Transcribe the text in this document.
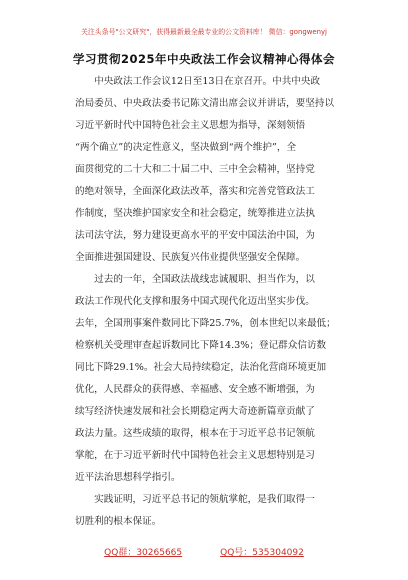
关注头条号"公文研究"，获得最新最全最专业的公文资料库！ 微信：gongwenyj
学习贯彻2025年中央政法工作会议精神心得体会
　　中央政法工作会议12日至13日在京召开。中共中央政
治局委员、中央政法委书记陈文清出席会议并讲话，要坚持以
习近平新时代中国特色社会主义思想为指导，深刻领悟
“两个确立”的决定性意义，坚决做到“两个维护”，全
面贯彻党的二十大和二十届二中、三中全会精神，坚持党
的绝对领导，全面深化政法改革，落实和完善党管政法工
作制度，坚决维护国家安全和社会稳定，统筹推进立法执
法司法守法，努力建设更高水平的平安中国法治中国，为
全面推进强国建设、民族复兴伟业提供坚强安全保障。
　　过去的一年，全国政法战线忠诚履职、担当作为，以
政法工作现代化支撑和服务中国式现代化迈出坚实步伐。
去年，全国刑事案件数同比下降25.7%，创本世纪以来最低；
检察机关受理审查起诉数同比下降14.3%；登记群众信访数
同比下降29.1%。社会大局持续稳定，法治化营商环境更加
优化，人民群众的获得感、幸福感、安全感不断增强，为
续写经济快速发展和社会长期稳定两大奇迹新篇章贡献了
政法力量。这些成绩的取得，根本在于习近平总书记领航
掌舵，在于习近平新时代中国特色社会主义思想特别是习
近平法治思想科学指引。
　　实践证明，习近平总书记的领航掌舵，是我们取得一
切胜利的根本保证。
QQ群：30265665	QQ号：535304092
